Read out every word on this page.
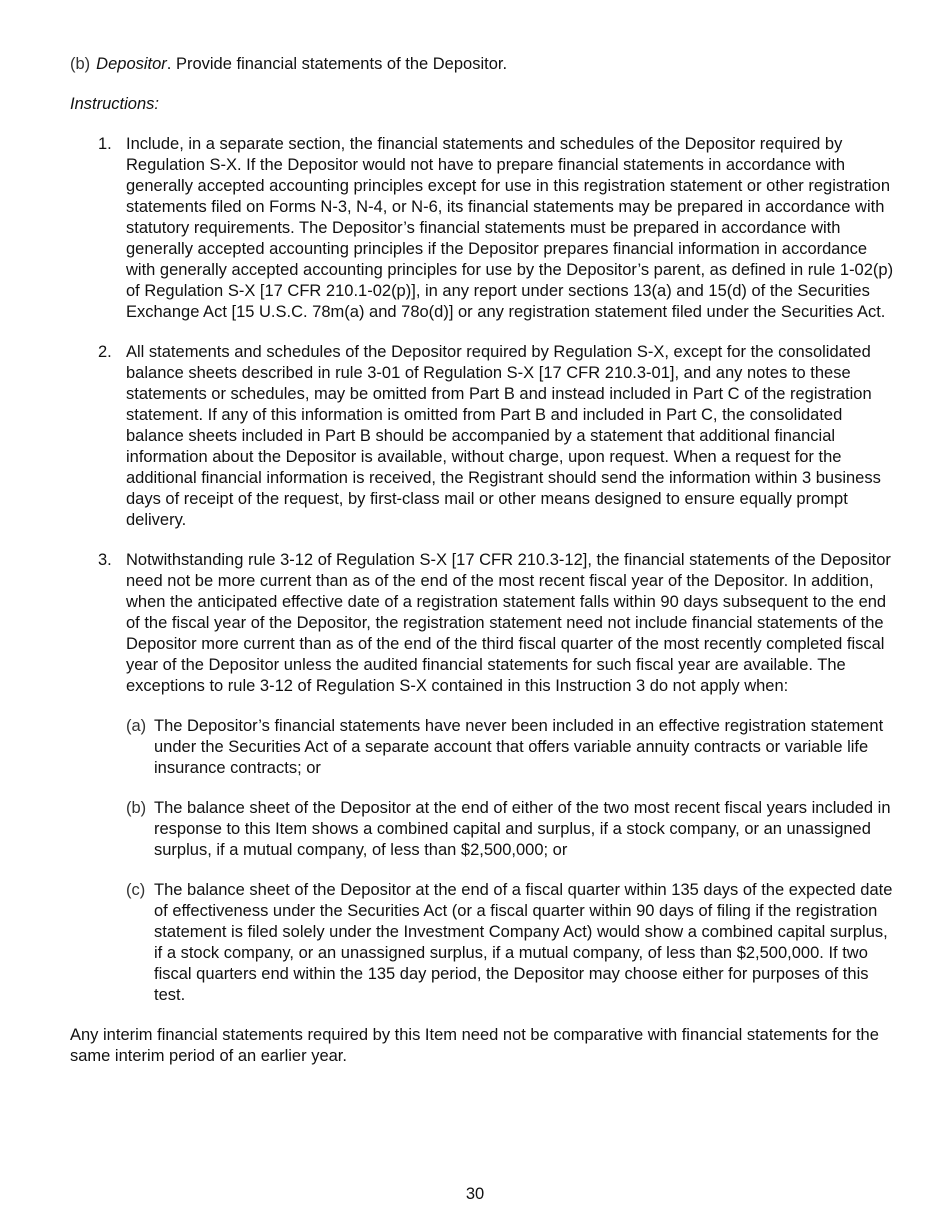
(b) Depositor. Provide financial statements of the Depositor.

Instructions:

1. Include, in a separate section, the financial statements and schedules of the Depositor required by Regulation S-X. If the Depositor would not have to prepare financial statements in accordance with generally accepted accounting principles except for use in this registration statement or other registration statements filed on Forms N-3, N-4, or N-6, its financial statements may be prepared in accordance with statutory requirements. The Depositor’s financial statements must be prepared in accordance with generally accepted accounting principles if the Depositor prepares financial information in accordance with generally accepted accounting principles for use by the Depositor’s parent, as defined in rule 1-02(p) of Regulation S-X [17 CFR 210.1-02(p)], in any report under sections 13(a) and 15(d) of the Securities Exchange Act [15 U.S.C. 78m(a) and 78o(d)] or any registration statement filed under the Securities Act.
2. All statements and schedules of the Depositor required by Regulation S-X, except for the consolidated balance sheets described in rule 3-01 of Regulation S-X [17 CFR 210.3-01], and any notes to these statements or schedules, may be omitted from Part B and instead included in Part C of the registration statement. If any of this information is omitted from Part B and included in Part C, the consolidated balance sheets included in Part B should be accompanied by a statement that additional financial information about the Depositor is available, without charge, upon request. When a request for the additional financial information is received, the Registrant should send the information within 3 business days of receipt of the request, by first-class mail or other means designed to ensure equally prompt delivery.
3. Notwithstanding rule 3-12 of Regulation S-X [17 CFR 210.3-12], the financial statements of the Depositor need not be more current than as of the end of the most recent fiscal year of the Depositor. In addition, when the anticipated effective date of a registration statement falls within 90 days subsequent to the end of the fiscal year of the Depositor, the registration statement need not include financial statements of the Depositor more current than as of the end of the third fiscal quarter of the most recently completed fiscal year of the Depositor unless the audited financial statements for such fiscal year are available. The exceptions to rule 3-12 of Regulation S-X contained in this Instruction 3 do not apply when:
(a) The Depositor’s financial statements have never been included in an effective registration statement under the Securities Act of a separate account that offers variable annuity contracts or variable life insurance contracts; or
(b) The balance sheet of the Depositor at the end of either of the two most recent fiscal years included in response to this Item shows a combined capital and surplus, if a stock company, or an unassigned surplus, if a mutual company, of less than $2,500,000; or
(c) The balance sheet of the Depositor at the end of a fiscal quarter within 135 days of the expected date of effectiveness under the Securities Act (or a fiscal quarter within 90 days of filing if the registration statement is filed solely under the Investment Company Act) would show a combined capital surplus, if a stock company, or an unassigned surplus, if a mutual company, of less than $2,500,000. If two fiscal quarters end within the 135 day period, the Depositor may choose either for purposes of this test.

Any interim financial statements required by this Item need not be comparative with financial statements for the same interim period of an earlier year.

30
